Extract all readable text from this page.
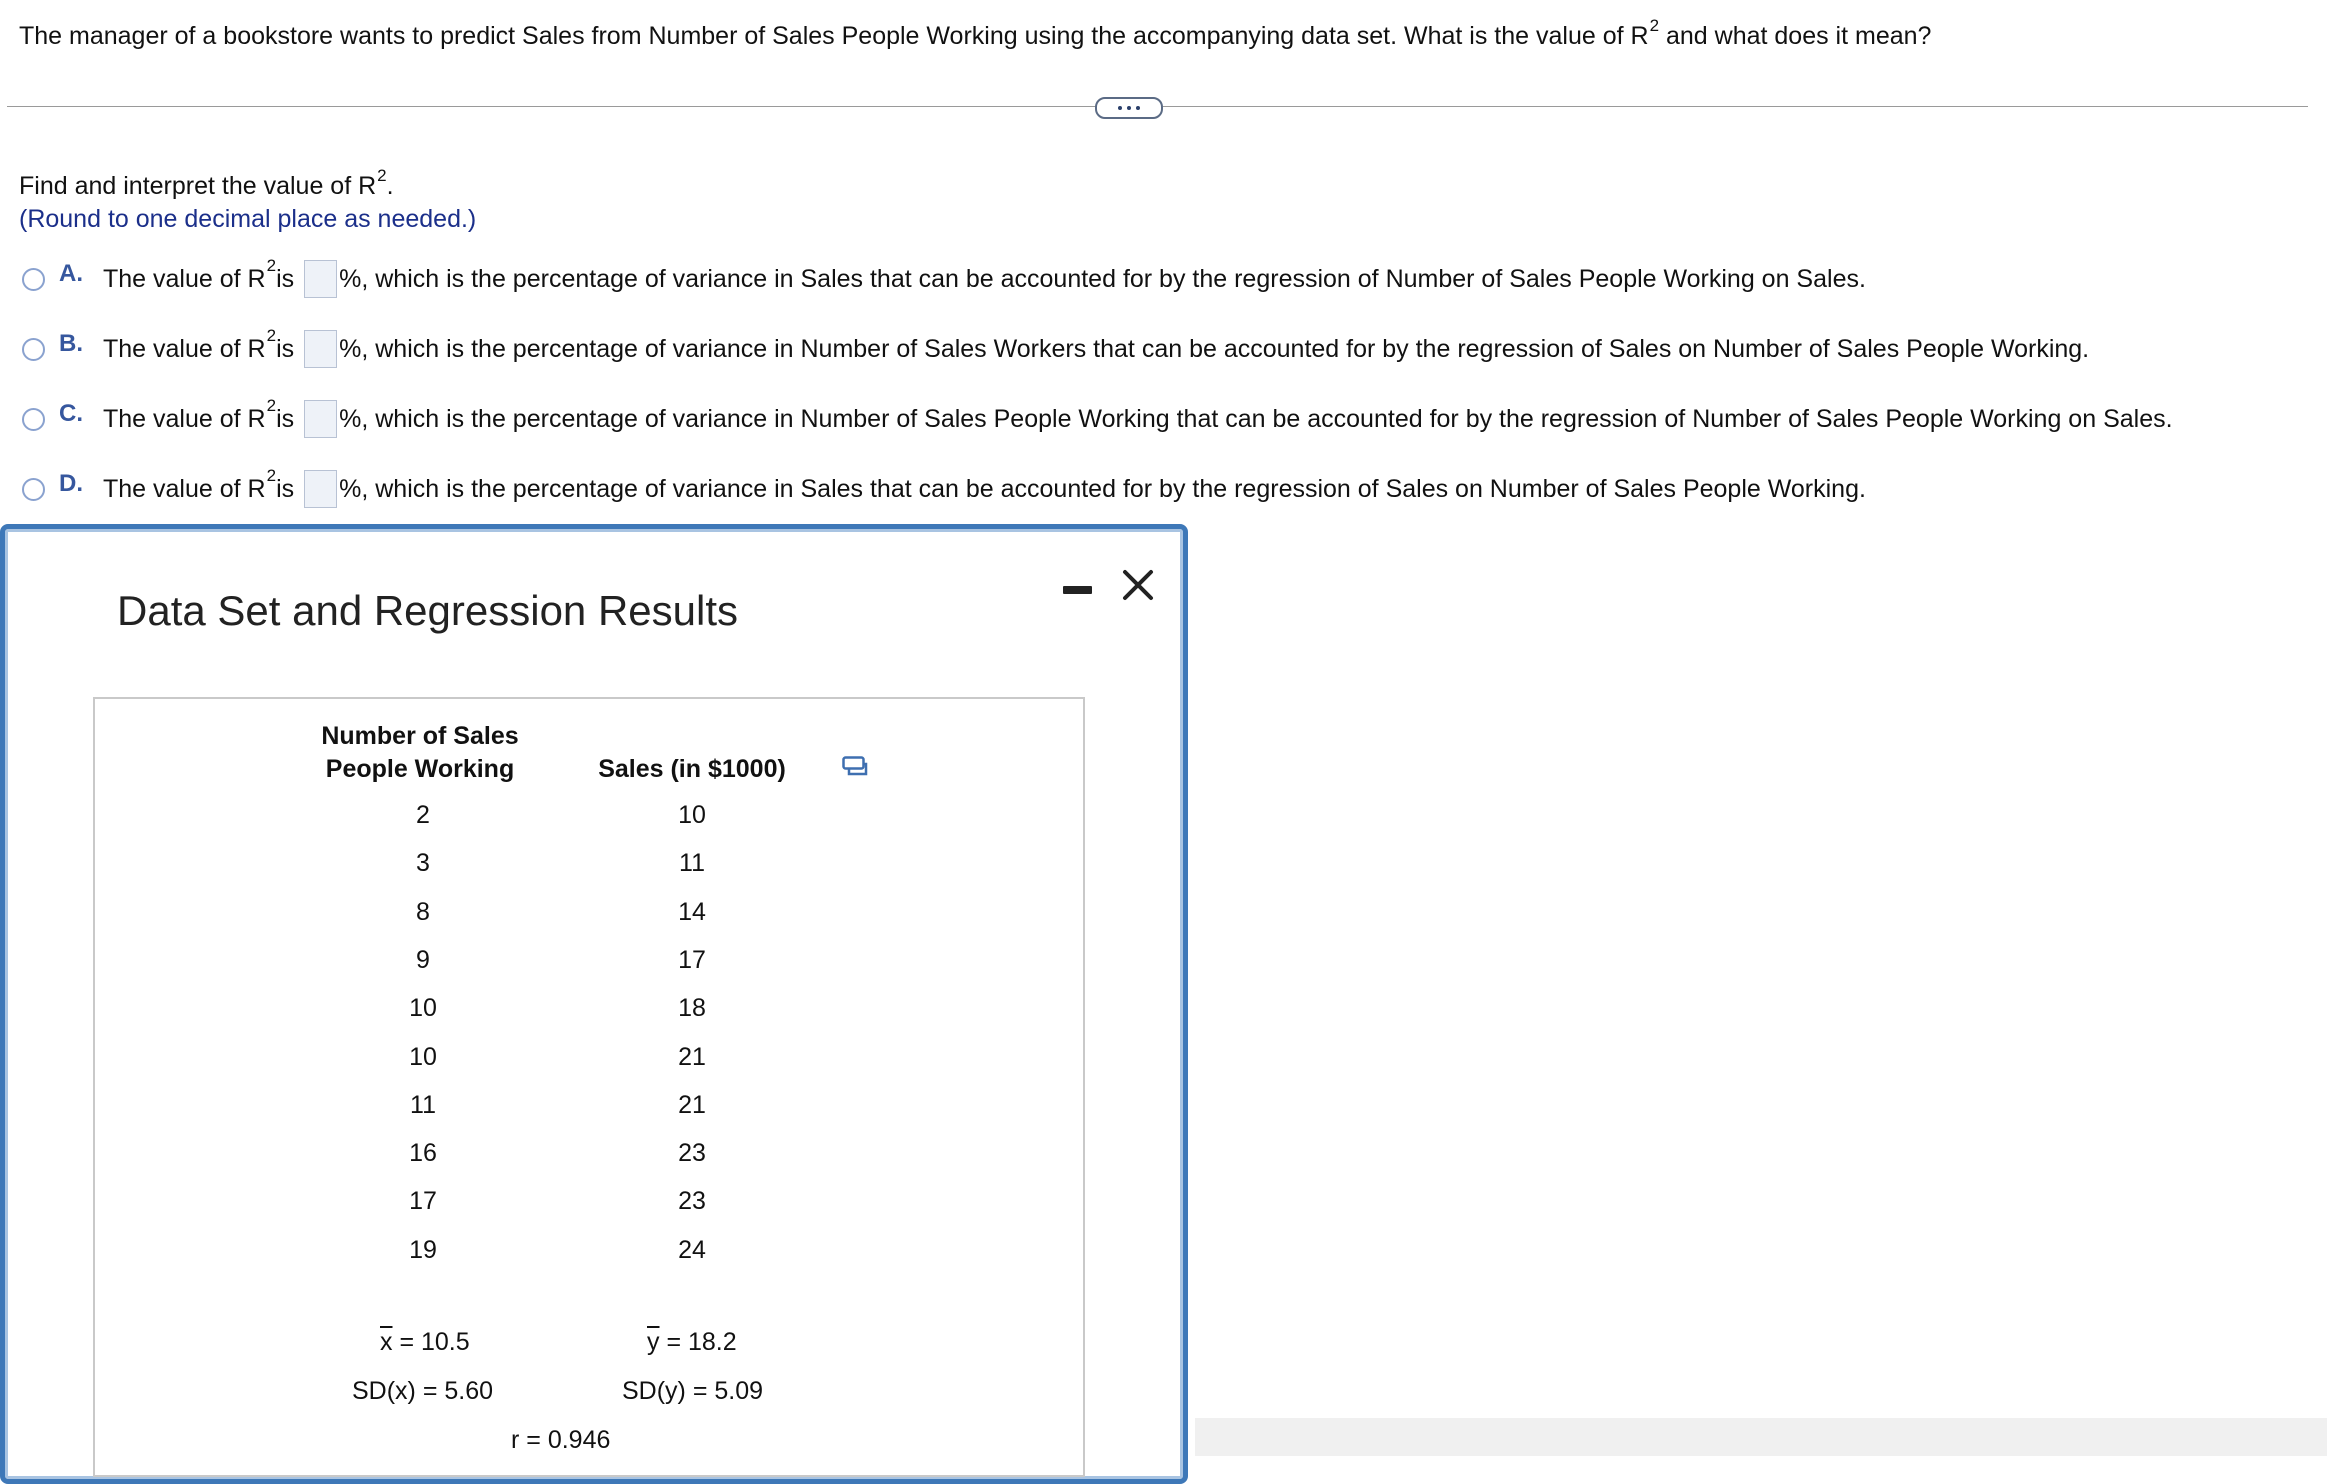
The manager of a bookstore wants to predict Sales from Number of Sales People Working using the accompanying data set. What is the value of $R^2$ and what does it mean?
Find and interpret the value of $R^2$.
(Round to one decimal place as needed.)
A. The value of R 2 is %, which is the percentage of variance in Sales that can be accounted for by the regression of Number of Sales People Working on Sales.
B. The value of R 2 is %, which is the percentage of variance in Number of Sales Workers that can be accounted for by the regression of Sales on Number of Sales People Working.
C. The value of R 2 is %, which is the percentage of variance in Number of Sales People Working that can be accounted for by the regression of Number of Sales People Working on Sales.
D. The value of R 2 is %, which is the percentage of variance in Sales that can be accounted for by the regression of Sales on Number of Sales People Working.
Data Set and Regression Results
Number of Sales
People Working	Sales (in $1000)
2	10
3	11
8	14
9	17
10	18
10	21
11	21
16	23
17	23
19	24
$\overline{x} = 10.5$	$\overline{y} = 18.2$
SD(x) = 5.60	SD(y) = 5.09
r = 0.946
